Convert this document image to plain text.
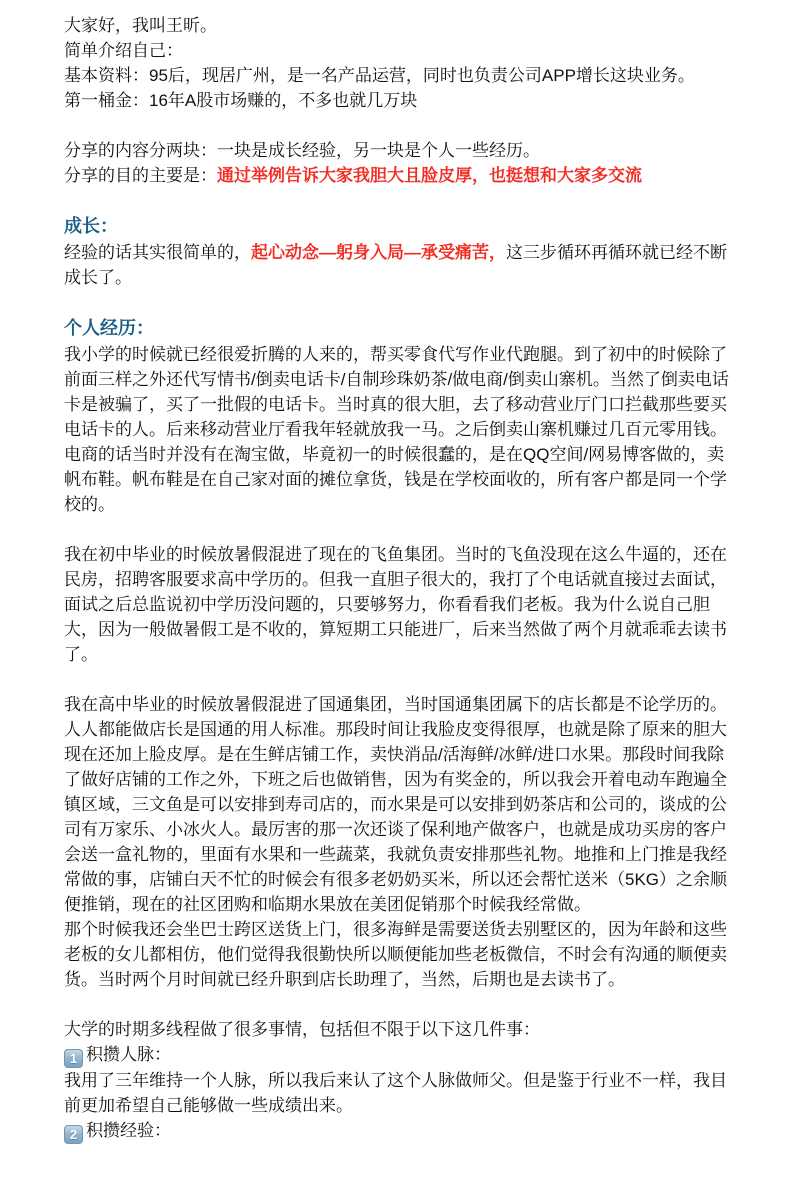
大家好，我叫王昕。
简单介绍自己：
基本资料：95后，现居广州，是一名产品运营，同时也负责公司APP增长这块业务。
第一桶金：16年A股市场赚的，不多也就几万块
分享的内容分两块：一块是成长经验，另一块是个人一些经历。
分享的目的主要是：通过举例告诉大家我胆大且脸皮厚，也挺想和大家多交流
成长：

经验的话其实很简单的，起心动念—躬身入局—承受痛苦，这三步循环再循环就已经不断成长了。

个人经历：

我小学的时候就已经很爱折腾的人来的，帮买零食代写作业代跑腿。到了初中的时候除了前面三样之外还代写情书/倒卖电话卡/自制珍珠奶茶/做电商/倒卖山寨机。当然了倒卖电话卡是被骗了，买了一批假的电话卡。当时真的很大胆，去了移动营业厅门口拦截那些要买电话卡的人。后来移动营业厅看我年轻就放我一马。之后倒卖山寨机赚过几百元零用钱。电商的话当时并没有在淘宝做，毕竟初一的时候很蠢的，是在QQ空间/网易博客做的，卖帆布鞋。帆布鞋是在自己家对面的摊位拿货，钱是在学校面收的，所有客户都是同一个学校的。

我在初中毕业的时候放暑假混进了现在的飞鱼集团。当时的飞鱼没现在这么牛逼的，还在民房，招聘客服要求高中学历的。但我一直胆子很大的，我打了个电话就直接过去面试，面试之后总监说初中学历没问题的，只要够努力，你看看我们老板。我为什么说自己胆大，因为一般做暑假工是不收的，算短期工只能进厂，后来当然做了两个月就乖乖去读书了。

我在高中毕业的时候放暑假混进了国通集团，当时国通集团属下的店长都是不论学历的。人人都能做店长是国通的用人标准。那段时间让我脸皮变得很厚，也就是除了原来的胆大现在还加上脸皮厚。是在生鲜店铺工作，卖快消品/活海鲜/冰鲜/进口水果。那段时间我除了做好店铺的工作之外，下班之后也做销售，因为有奖金的，所以我会开着电动车跑遍全镇区域，三文鱼是可以安排到寿司店的，而水果是可以安排到奶茶店和公司的，谈成的公司有万家乐、小冰火人。最厉害的那一次还谈了保利地产做客户，也就是成功买房的客户会送一盒礼物的，里面有水果和一些蔬菜，我就负责安排那些礼物。地推和上门推是我经常做的事，店铺白天不忙的时候会有很多老奶奶买米，所以还会帮忙送米（5KG）之余顺便推销，现在的社区团购和临期水果放在美团促销那个时候我经常做。

那个时候我还会坐巴士跨区送货上门，很多海鲜是需要送货去别墅区的，因为年龄和这些老板的女儿都相仿，他们觉得我很勤快所以顺便能加些老板微信，不时会有沟通的顺便卖货。当时两个月时间就已经升职到店长助理了，当然，后期也是去读书了。

大学的时期多线程做了很多事情，包括但不限于以下这几件事：
1 积攒人脉：

我用了三年维持一个人脉，所以我后来认了这个人脉做师父。但是鉴于行业不一样，我目前更加希望自己能够做一些成绩出来。

2 积攒经验：
